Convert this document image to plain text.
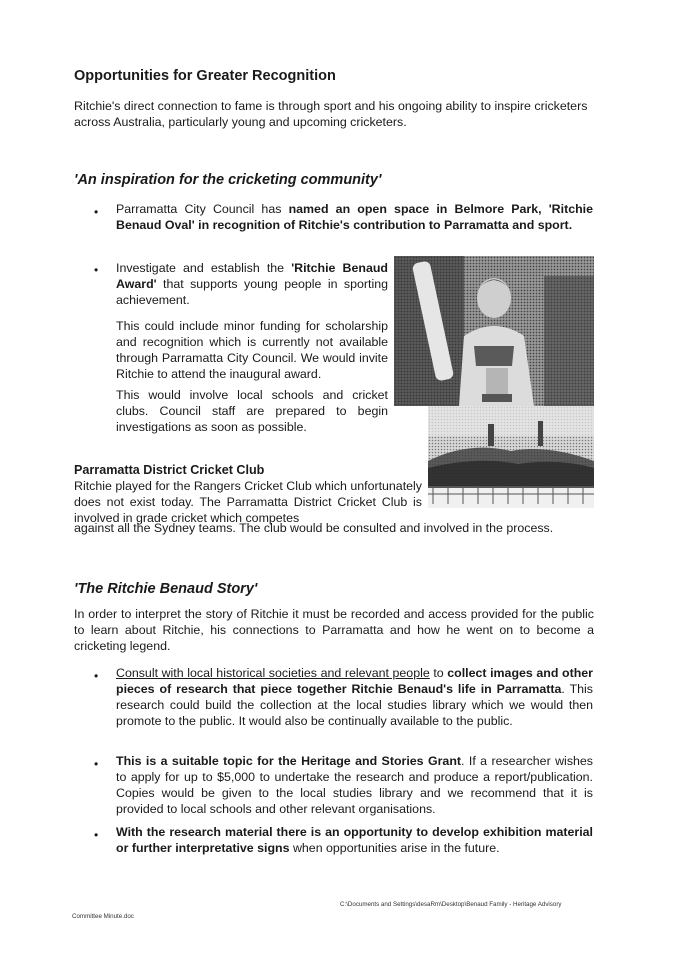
Opportunities for Greater Recognition
Ritchie's direct connection to fame is through sport and his ongoing ability to inspire cricketers across Australia, particularly young and upcoming cricketers.
'An inspiration for the cricketing community'
• Parramatta City Council has named an open space in Belmore Park, 'Ritchie Benaud Oval' in recognition of Ritchie's contribution to Parramatta and sport.
• Investigate and establish the 'Ritchie Benaud Award' that supports young people in sporting achievement.
This could include minor funding for scholarship and recognition which is currently not available through Parramatta City Council. We would invite Ritchie to attend the inaugural award.
This would involve local schools and cricket clubs. Council staff are prepared to begin investigations as soon as possible.
Parramatta District Cricket Club
Ritchie played for the Rangers Cricket Club which unfortunately does not exist today. The Parramatta District Cricket Club is involved in grade cricket which competes
against all the Sydney teams. The club would be consulted and involved in the process.
'The Ritchie Benaud Story'
In order to interpret the story of Ritchie it must be recorded and access provided for the public to learn about Ritchie, his connections to Parramatta and how he went on to become a cricketing legend.
• Consult with local historical societies and relevant people to collect images and other pieces of research that piece together Ritchie Benaud's life in Parramatta. This research could build the collection at the local studies library which we would then promote to the public. It would also be continually available to the public.
• This is a suitable topic for the Heritage and Stories Grant. If a researcher wishes to apply for up to $5,000 to undertake the research and produce a report/publication. Copies would be given to the local studies library and we recommend that it is provided to local schools and other relevant organisations.
• With the research material there is an opportunity to develop exhibition material or further interpretative signs when opportunities arise in the future.
C:\Documents and Settings\desaRm\Desktop\Benaud Family - Heritage Advisory
Committee Minute.doc
